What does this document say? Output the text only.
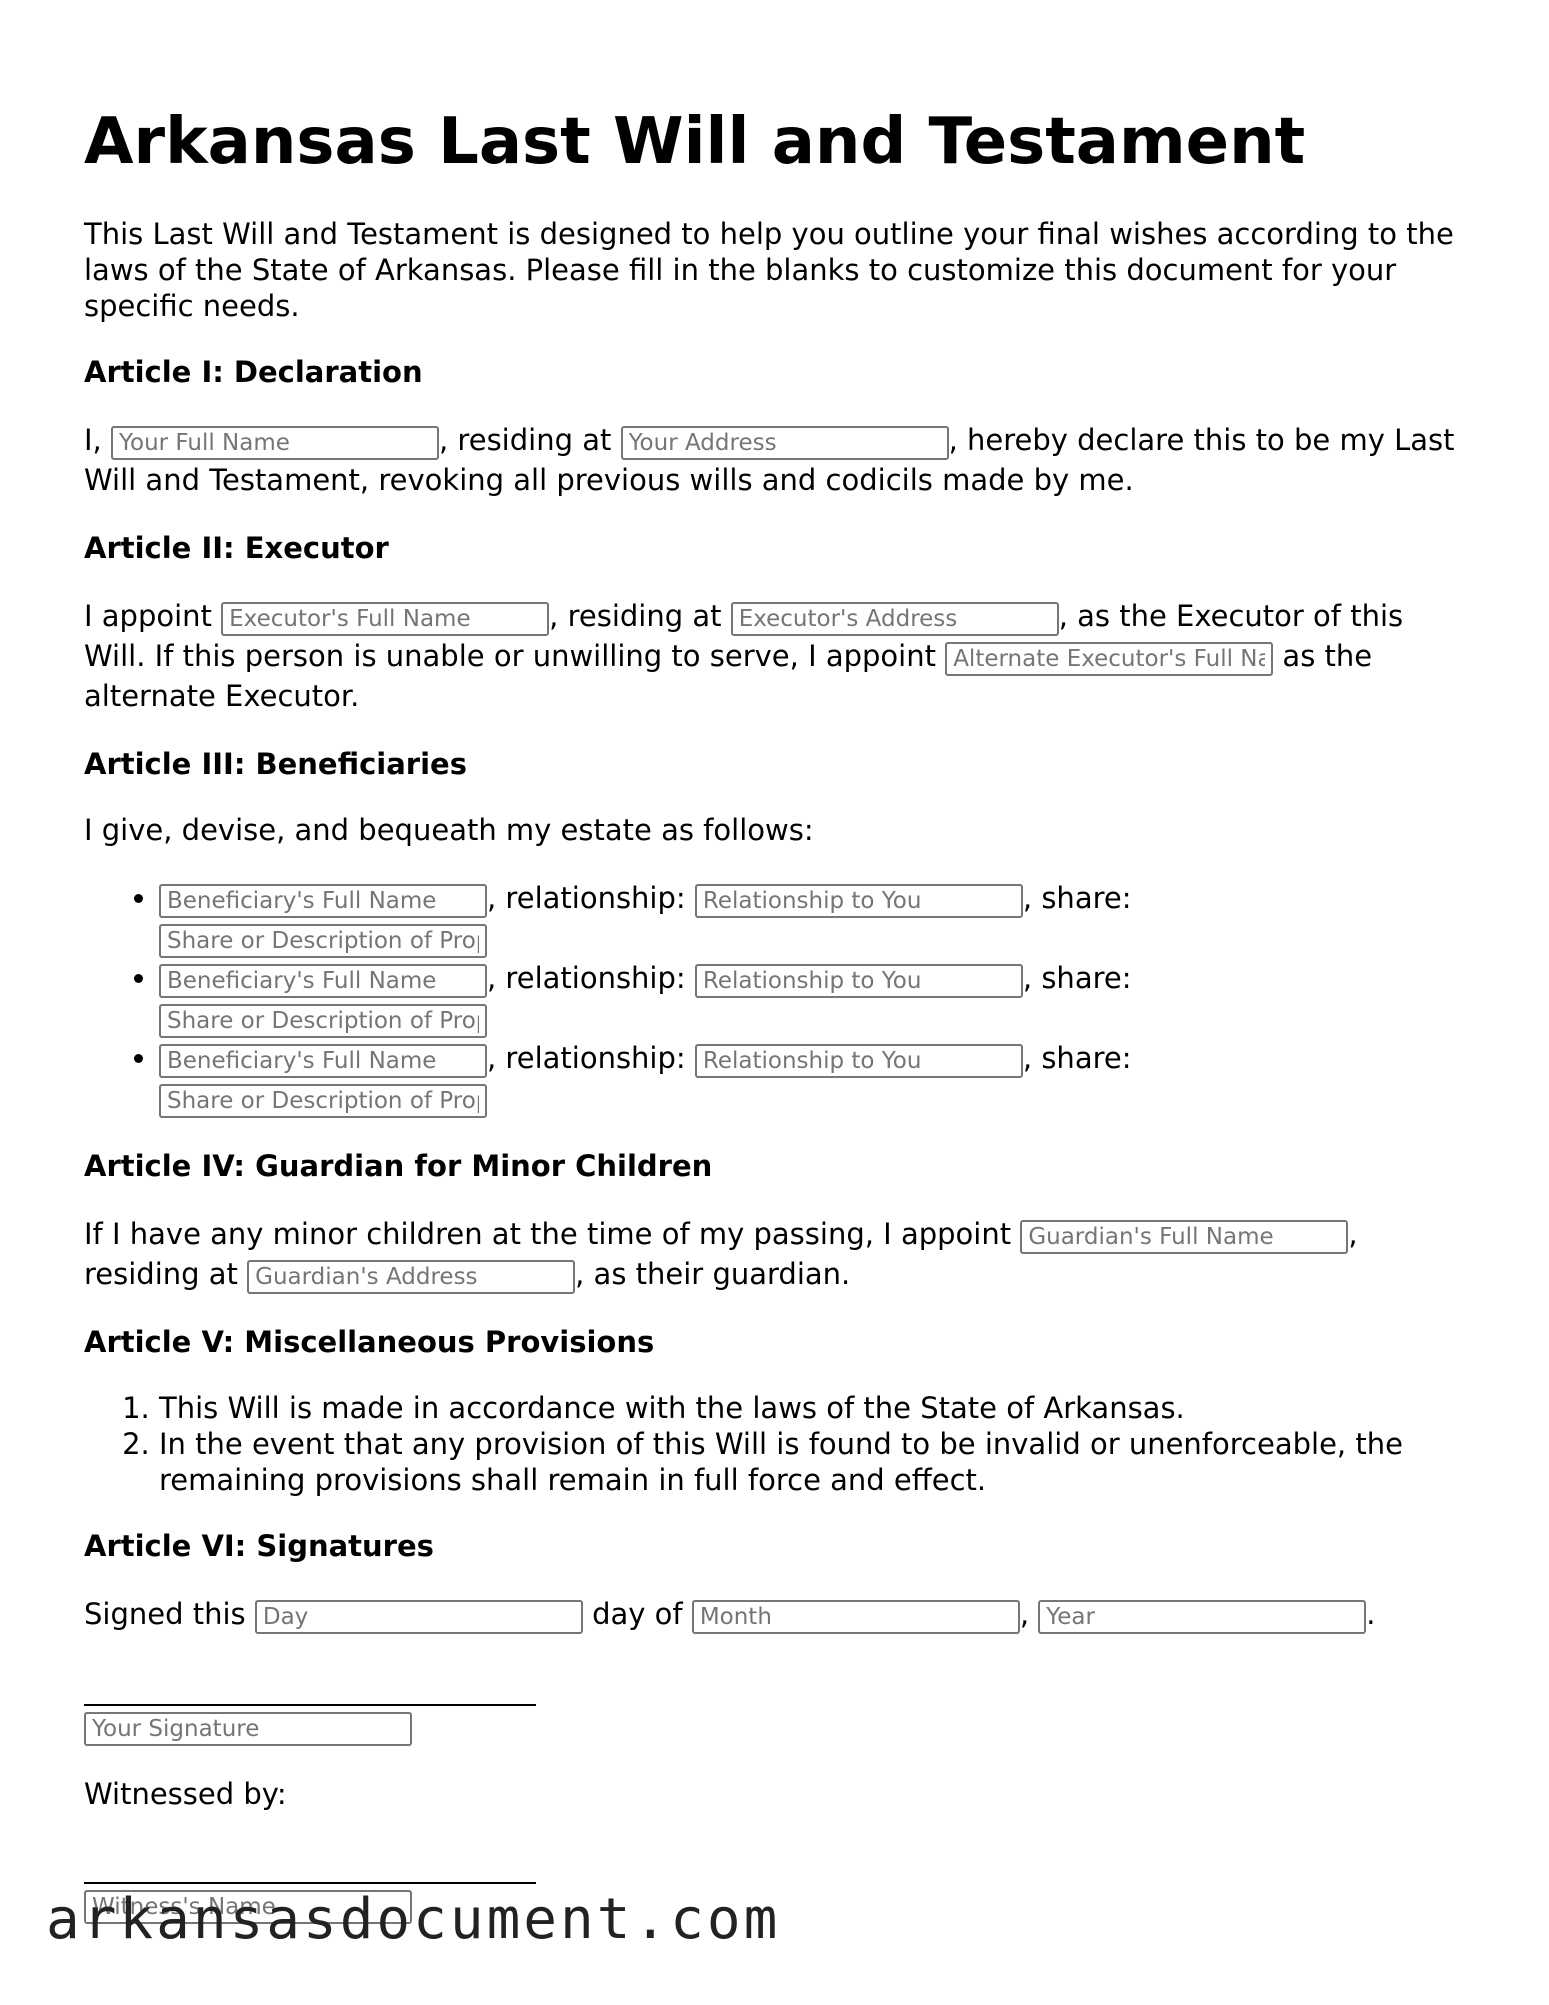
Arkansas Last Will and Testament

This Last Will and Testament is designed to help you outline your final wishes according to the laws of the State of Arkansas. Please fill in the blanks to customize this document for your specific needs.

Article I: Declaration

I, Your Full Name	, residing at Your Address	, hereby declare this to be my Last Will and Testament, revoking all previous wills and codicils made by me.

Article II: Executor

I appoint Executor's Full Name	, residing at Executor's Address	, as the Executor of this Will. If this person is unable or unwilling to serve, I appoint Alternate Executor's Full Name	as the alternate Executor.

Article III: Beneficiaries

I give, devise, and bequeath my estate as follows:

Beneficiary's Full Name • , relationship: Relationship to You	, share: Share or Description of Property
Beneficiary's Full Name • , relationship: Relationship to You	, share: Share or Description of Property
Beneficiary's Full Name • , relationship: Relationship to You	, share: Share or Description of Property
Article IV: Guardian for Minor Children

If I have any minor children at the time of my passing, I appoint Guardian's Full Name	, residing at Guardian's Address	, as their guardian.

Article V: Miscellaneous Provisions
1. This Will is made in accordance with the laws of the State of Arkansas.
2. In the event that any provision of this Will is found to be invalid or unenforceable, the remaining provisions shall remain in full force and effect.
Article VI: Signatures

Signed this Day	day of Month	, Year	.

Your Signature

Witnessed by:

Witness's Name
arkansasdocument.com
